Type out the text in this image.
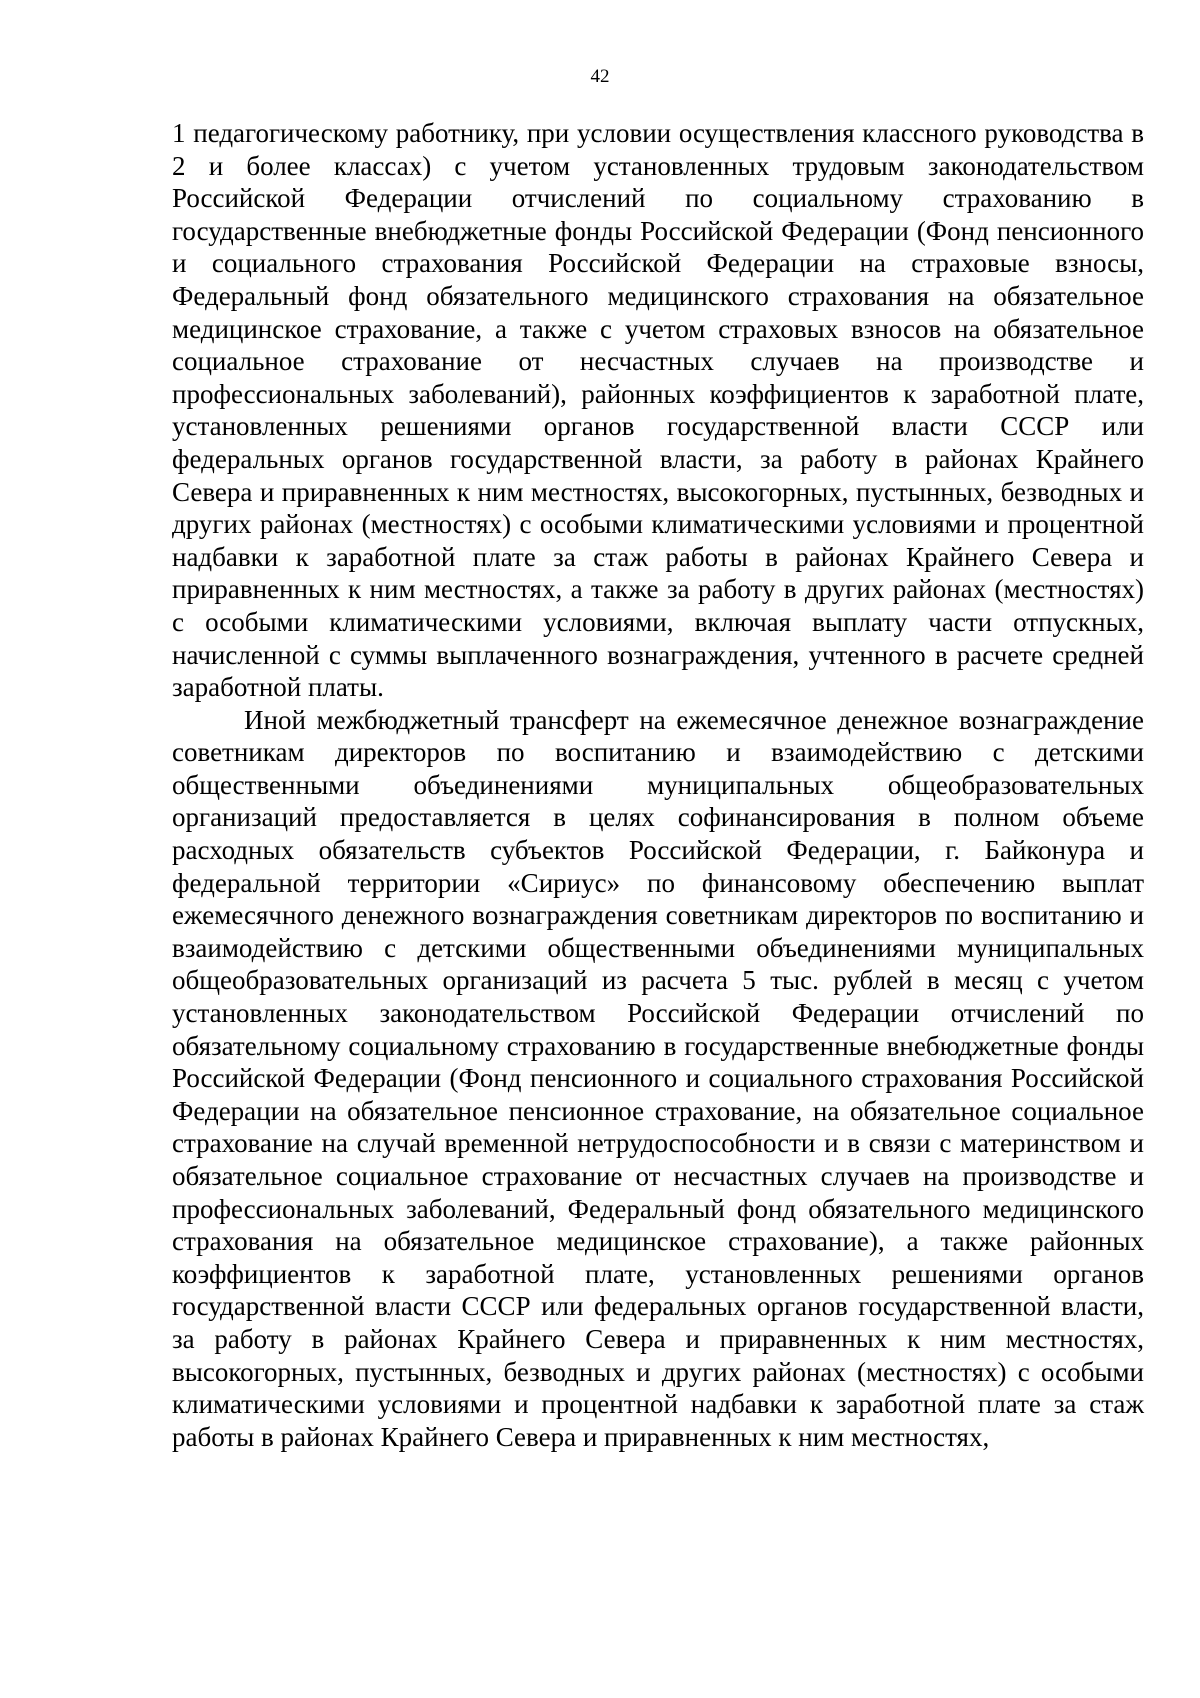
42

1 педагогическому работнику, при условии осуществления классного руководства в 2 и более классах) с учетом установленных трудовым законодательством Российской Федерации отчислений по социальному страхованию в государственные внебюджетные фонды Российской Федерации (Фонд пенсионного и социального страхования Российской Федерации на страховые взносы, Федеральный фонд обязательного медицинского страхования на обязательное медицинское страхование, а также с учетом страховых взносов на обязательное социальное страхование от несчастных случаев на производстве и профессиональных заболеваний), районных коэффициентов к заработной плате, установленных решениями органов государственной власти СССР или федеральных органов государственной власти, за работу в районах Крайнего Севера и приравненных к ним местностях, высокогорных, пустынных, безводных и других районах (местностях) с особыми климатическими условиями и процентной надбавки к заработной плате за стаж работы в районах Крайнего Севера и приравненных к ним местностях, а также за работу в других районах (местностях) с особыми климатическими условиями, включая выплату части отпускных, начисленной с суммы выплаченного вознаграждения, учтенного в расчете средней заработной платы.

Иной межбюджетный трансферт на ежемесячное денежное вознаграждение советникам директоров по воспитанию и взаимодействию с детскими общественными объединениями муниципальных общеобразовательных организаций предоставляется в целях софинансирования в полном объеме расходных обязательств субъектов Российской Федерации, г. Байконура и федеральной территории «Сириус» по финансовому обеспечению выплат ежемесячного денежного вознаграждения советникам директоров по воспитанию и взаимодействию с детскими общественными объединениями муниципальных общеобразовательных организаций из расчета 5 тыс. рублей в месяц с учетом установленных законодательством Российской Федерации отчислений по обязательному социальному страхованию в государственные внебюджетные фонды Российской Федерации (Фонд пенсионного и социального страхования Российской Федерации на обязательное пенсионное страхование, на обязательное социальное страхование на случай временной нетрудоспособности и в связи с материнством и обязательное социальное страхование от несчастных случаев на производстве и профессиональных заболеваний, Федеральный фонд обязательного медицинского страхования на обязательное медицинское страхование), а также районных коэффициентов к заработной плате, установленных решениями органов государственной власти СССР или федеральных органов государственной власти, за работу в районах Крайнего Севера и приравненных к ним местностях, высокогорных, пустынных, безводных и других районах (местностях) с особыми климатическими условиями и процентной надбавки к заработной плате за стаж работы в районах Крайнего Севера и приравненных к ним местностях,
